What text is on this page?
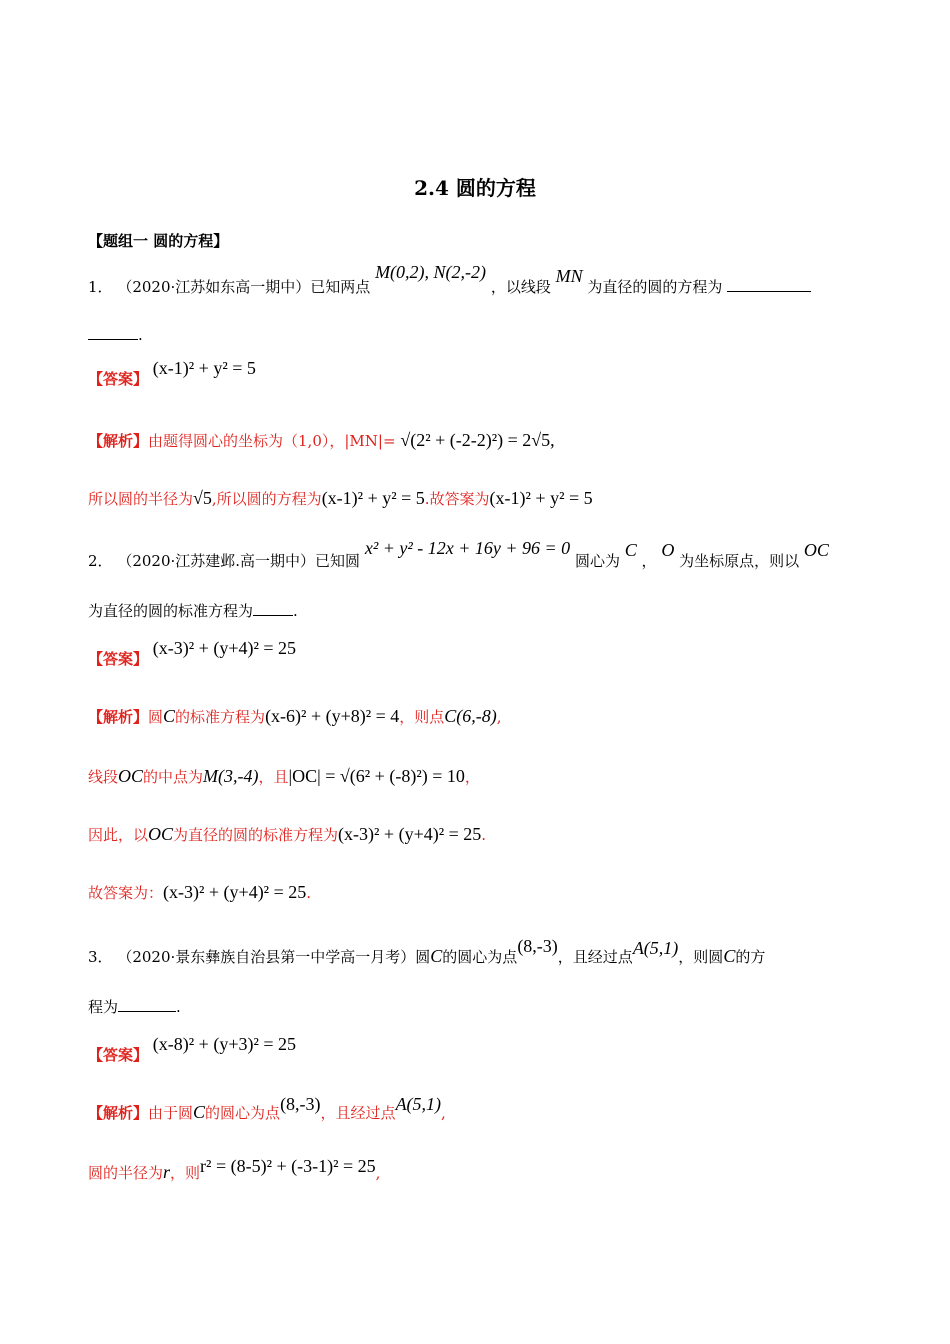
2.4 圆的方程
【题组一 圆的方程】
1． （2020·江苏如东高一期中）已知两点 M(0,2), N(2,-2) ，以线段 MN 为直径的圆的方程为
.
【答案】 (x-1)² + y² = 5
【解析】由题得圆心的坐标为（1,0），|MN|= √(2² + (-2-2)²) = 2√5,
所以圆的半径为√5,所以圆的方程为(x-1)² + y² = 5.故答案为(x-1)² + y² = 5
2． （2020·江苏建邺.高一期中）已知圆 x² + y² - 12x + 16y + 96 = 0 圆心为 C ， O 为坐标原点，则以 OC
为直径的圆的标准方程为	.
【答案】 (x-3)² + (y+4)² = 25
【解析】圆C的标准方程为(x-6)² + (y+8)² = 4，则点C(6,-8),
线段OC的中点为M(3,-4)，且|OC| = √(6² + (-8)²) = 10，
因此，以OC为直径的圆的标准方程为(x-3)² + (y+4)² = 25.
故答案为：(x-3)² + (y+4)² = 25.
3． （2020·景东彝族自治县第一中学高一月考）圆C的圆心为点(8,-3)，且经过点A(5,1)，则圆C的方
程为	.
【答案】 (x-8)² + (y+3)² = 25
【解析】由于圆C的圆心为点(8,-3)，且经过点A(5,1),
圆的半径为r，则r² = (8-5)² + (-3-1)² = 25,
